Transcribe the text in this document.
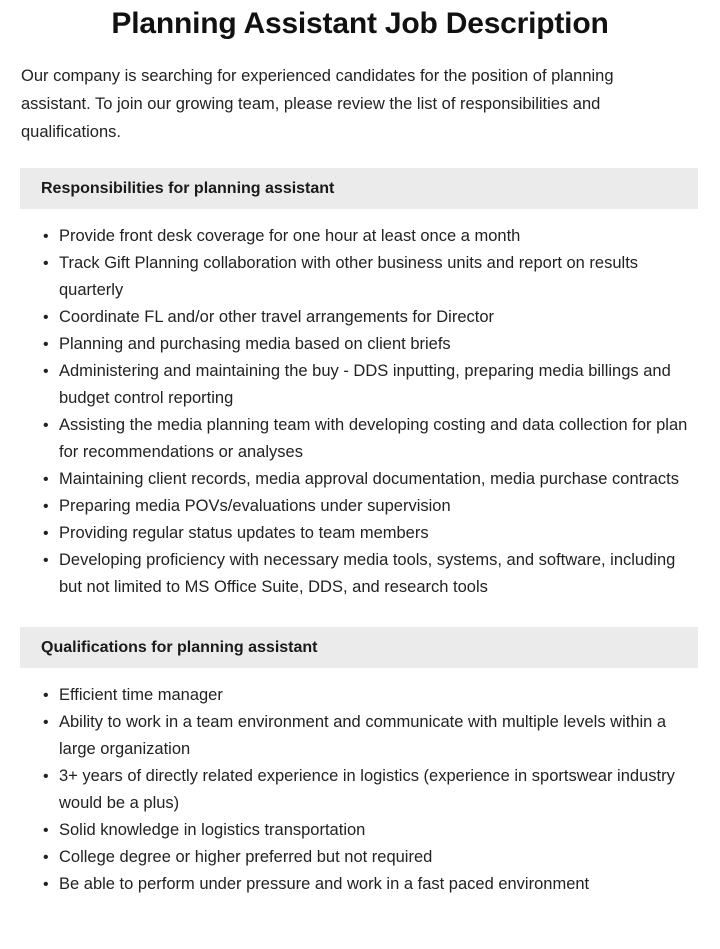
Planning Assistant Job Description

Our company is searching for experienced candidates for the position of planning assistant. To join our growing team, please review the list of responsibilities and qualifications.

Responsibilities for planning assistant
• Provide front desk coverage for one hour at least once a month
• Track Gift Planning collaboration with other business units and report on results quarterly
• Coordinate FL and/or other travel arrangements for Director
• Planning and purchasing media based on client briefs
• Administering and maintaining the buy - DDS inputting, preparing media billings and budget control reporting
• Assisting the media planning team with developing costing and data collection for plan for recommendations or analyses
• Maintaining client records, media approval documentation, media purchase contracts
• Preparing media POVs/evaluations under supervision
• Providing regular status updates to team members
• Developing proficiency with necessary media tools, systems, and software, including but not limited to MS Office Suite, DDS, and research tools
Qualifications for planning assistant
• Efficient time manager
• Ability to work in a team environment and communicate with multiple levels within a large organization
• 3+ years of directly related experience in logistics (experience in sportswear industry would be a plus)
• Solid knowledge in logistics transportation
• College degree or higher preferred but not required
• Be able to perform under pressure and work in a fast paced environment
